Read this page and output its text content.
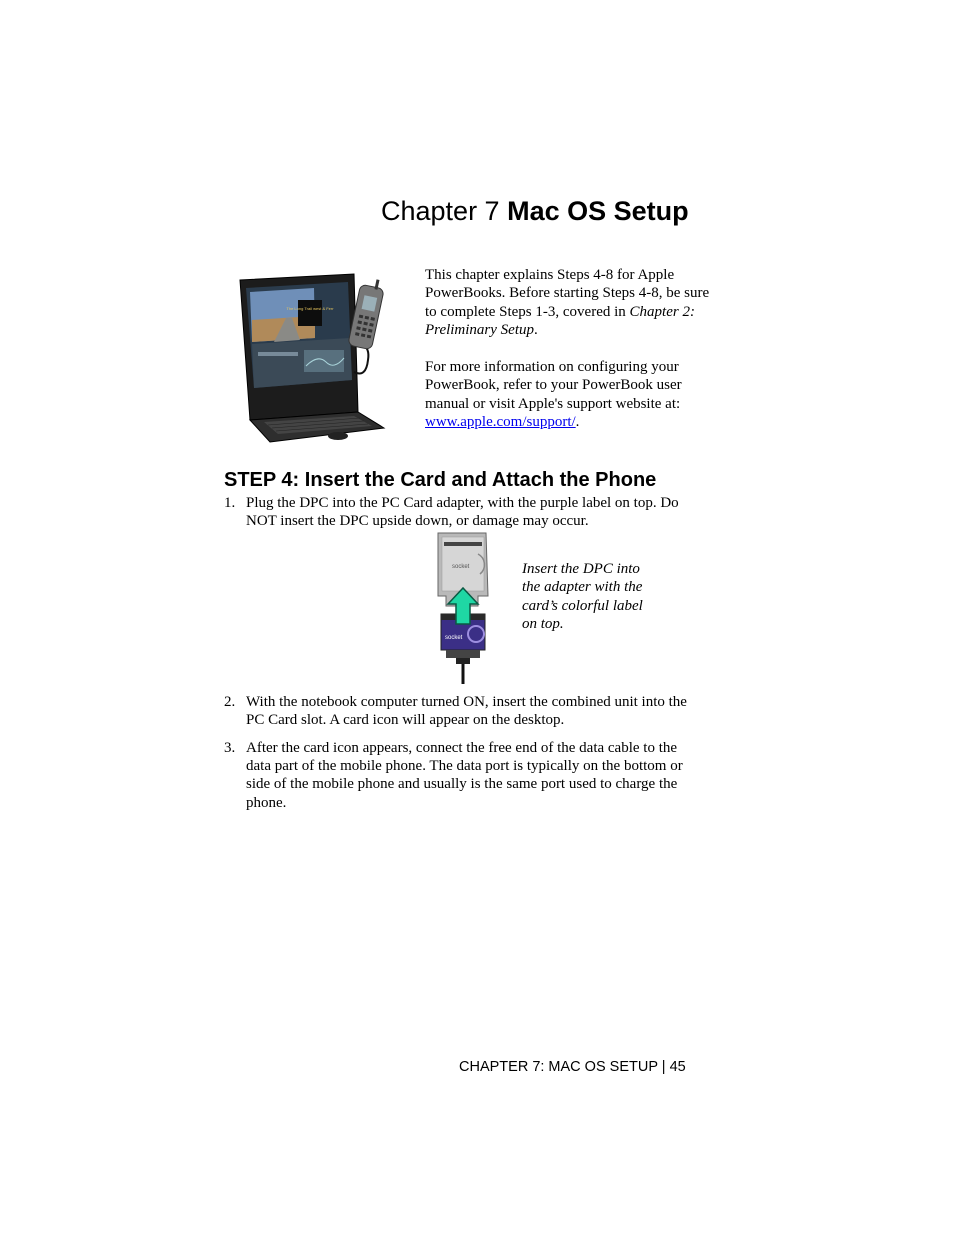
Chapter 7 Mac OS Setup
The Long Trail west & Ferr
This chapter explains Steps 4-8 for Apple PowerBooks. Before starting Steps 4-8, be sure to complete Steps 1-3, covered in Chapter 2: Preliminary Setup.
For more information on configuring your PowerBook, refer to your PowerBook user manual or visit Apple's support website at: www.apple.com/support/.
STEP 4: Insert the Card and Attach the Phone
1. Plug the DPC into the PC Card adapter, with the purple label on top. Do NOT insert the DPC upside down, or damage may occur.
socket
socket
Insert the DPC into the adapter with the card’s colorful label on top.
2. With the notebook computer turned ON, insert the combined unit into the PC Card slot. A card icon will appear on the desktop.
3. After the card icon appears, connect the free end of the data cable to the data part of the mobile phone. The data port is typically on the bottom or side of the mobile phone and usually is the same port used to charge the phone.
CHAPTER 7: MAC OS SETUP | 45
